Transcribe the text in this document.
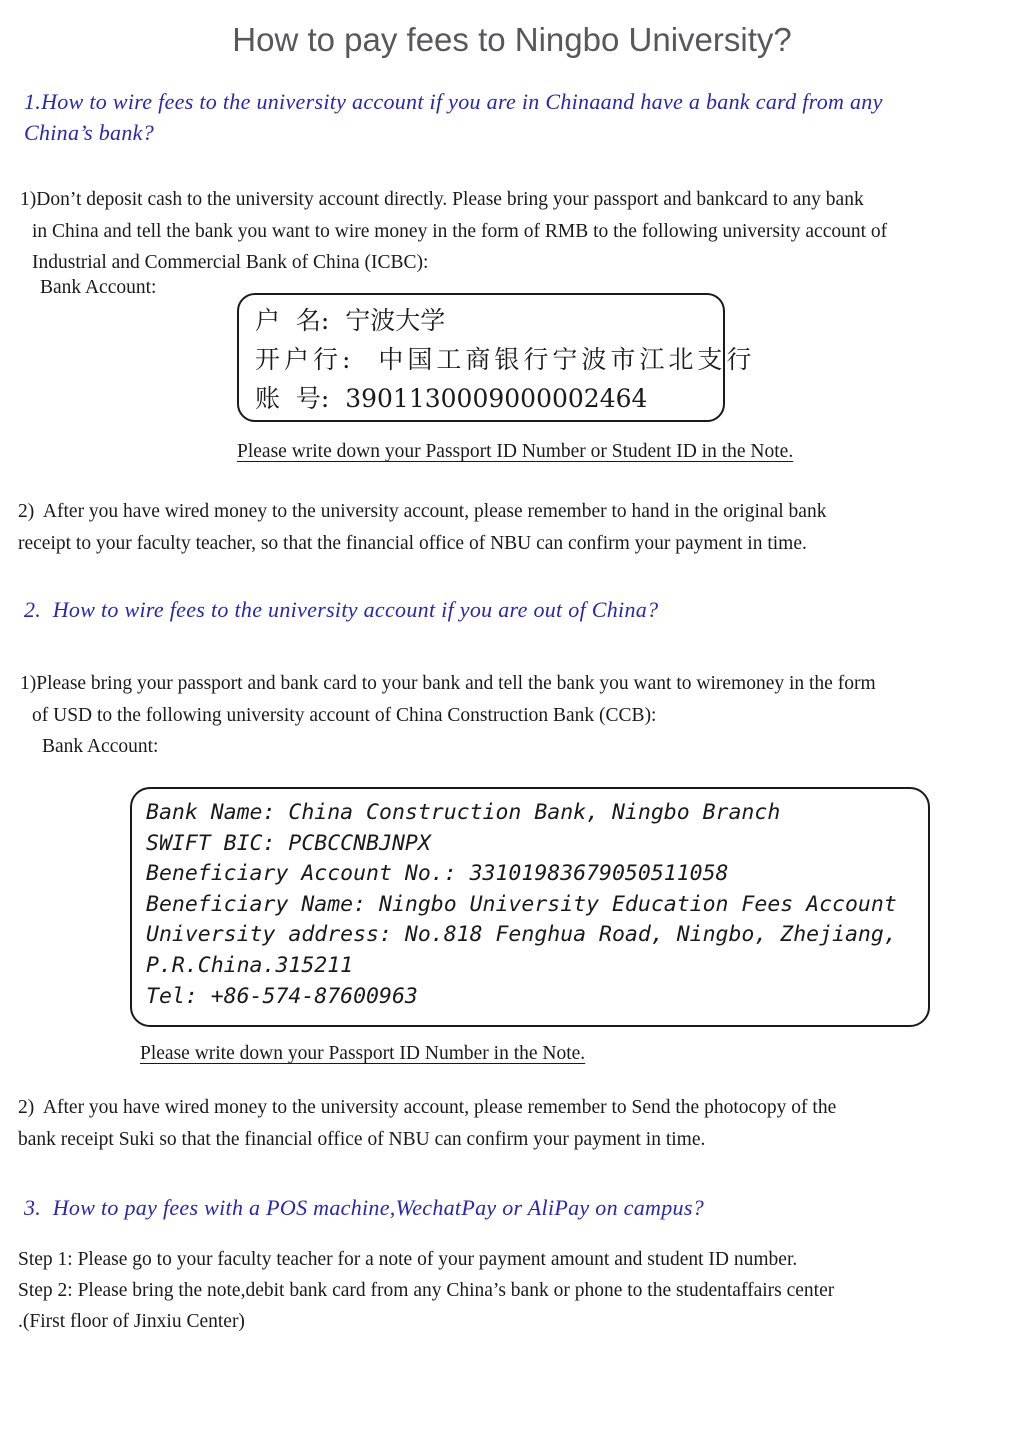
How to pay fees to Ningbo University?
1.How to wire fees to the university account if you are in Chinaand have a bank card from any
China’s bank?
1)Don’t deposit cash to the university account directly. Please bring your passport and bankcard to any bank
in China and tell the bank you want to wire money in the form of RMB to the following university account of
Industrial and Commercial Bank of China (ICBC):
Bank Account:
户  名:  宁波大学
开户行:  中国工商银行宁波市江北支行
账  号:  3901130009000002464
Please write down your Passport ID Number or Student ID in the Note.
2)  After you have wired money to the university account, please remember to hand in the original bank
receipt to your faculty teacher, so that the financial office of NBU can confirm your payment in time.
2.  How to wire fees to the university account if you are out of China?
1)Please bring your passport and bank card to your bank and tell the bank you want to wiremoney in the form
of USD to the following university account of China Construction Bank (CCB):
Bank Account:
Bank Name: China Construction Bank, Ningbo Branch
SWIFT BIC: PCBCCNBJNPX
Beneficiary Account No.: 33101983679050511058
Beneficiary Name: Ningbo University Education Fees Account
University address: No.818 Fenghua Road, Ningbo, Zhejiang,
P.R.China.315211
Tel: +86-574-87600963
Please write down your Passport ID Number in the Note.
2)  After you have wired money to the university account, please remember to Send the photocopy of the
bank receipt Suki so that the financial office of NBU can confirm your payment in time.
3.  How to pay fees with a POS machine,WechatPay or AliPay on campus?
Step 1: Please go to your faculty teacher for a note of your payment amount and student ID number.
Step 2: Please bring the note,debit bank card from any China’s bank or phone to the studentaffairs center
.(First floor of Jinxiu Center)
